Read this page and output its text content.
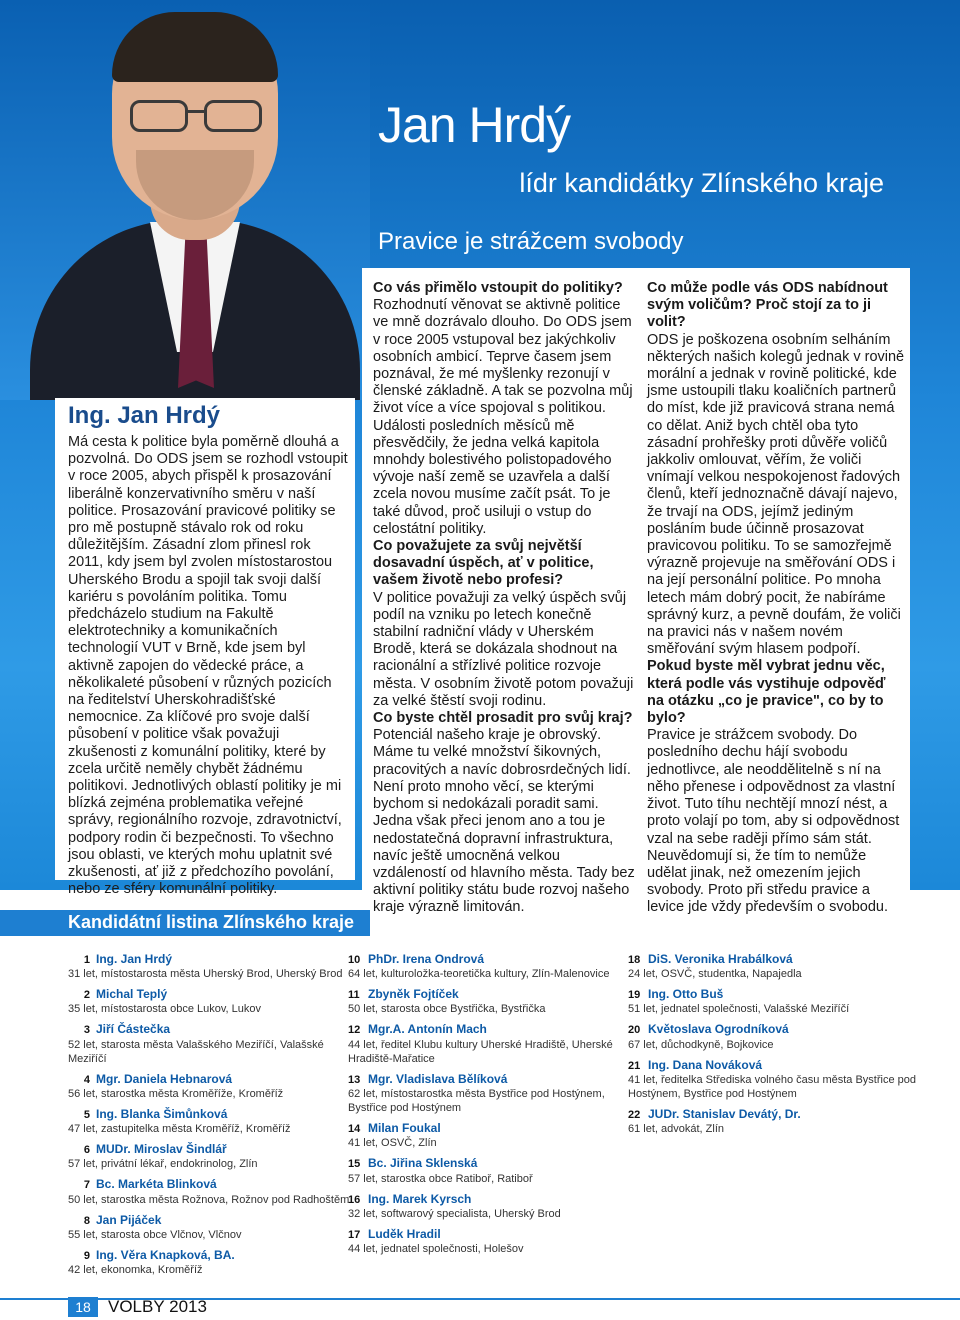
Jan Hrdý
lídr kandidátky Zlínského kraje
Pravice je strážcem svobody
Ing. Jan Hrdý
Má cesta k politice byla poměrně dlouhá a pozvolná. Do ODS jsem se rozhodl vstoupit v roce 2005, abych přispěl k prosazování liberálně konzervativního směru v naší politice. Prosazování pravicové politiky se pro mě postupně stávalo rok od roku důležitějším. Zásadní zlom přinesl rok 2011, kdy jsem byl zvolen místostarostou Uherského Brodu a spojil tak svoji další kariéru s povoláním politika. Tomu předcházelo studium na Fakultě elektrotechniky a komunikačních technologií VUT v Brně, kde jsem byl aktivně zapojen do vědecké práce, a několikaleté působení v různých pozicích na ředitelství Uherskohradišťské nemocnice. Za klíčové pro svoje další působení v politice však považuji zkušenosti z komunální politiky, které by zcela určitě neměly chybět žádnému politikovi. Jednotlivých oblastí politiky je mi blízká zejména problematika veřejné správy, regionálního rozvoje, zdravotnictví, podpory rodin či bezpečnosti. To všechno jsou oblasti, ve kterých mohu uplatnit své zkušenosti, ať již z předchozího povolání, nebo ze sféry komunální politiky.
Co vás přimělo vstoupit do politiky?
Rozhodnutí věnovat se aktivně politice ve mně dozrávalo dlouho. Do ODS jsem v roce 2005 vstupoval bez jakýchkoliv osobních ambicí. Teprve časem jsem poznával, že mé myšlenky rezonují v členské základně. A tak se pozvolna můj život více a více spojoval s politikou. Události posledních měsíců mě přesvědčily, že jedna velká kapitola mnohdy bolestivého polistopadového vývoje naší země se uzavřela a další zcela novou musíme začít psát. To je také důvod, proč usiluji o vstup do celostátní politiky.
Co považujete za svůj největší dosavadní úspěch, ať v politice, vašem životě nebo profesi?
V politice považuji za velký úspěch svůj podíl na vzniku po letech konečně stabilní radniční vlády v Uherském Brodě, která se dokázala shodnout na racionální a střízlivé politice rozvoje města. V osobním životě potom považuji za velké štěstí svoji rodinu.
Co byste chtěl prosadit pro svůj kraj?
Potenciál našeho kraje je obrovský. Máme tu velké množství šikovných, pracovitých a navíc dobrosrdečných lidí. Není proto mnoho věcí, se kterými bychom si nedokázali poradit sami. Jedna však přeci jenom ano a tou je nedostatečná dopravní infrastruktura, navíc ještě umocněná velkou vzdáleností od hlavního města. Tady bez aktivní politiky státu bude rozvoj našeho kraje výrazně limitován.
Co může podle vás ODS nabídnout svým voličům? Proč stojí za to ji volit?
ODS je poškozena osobním selháním některých našich kolegů jednak v rovině morální a jednak v rovině politické, kde jsme ustoupili tlaku koaličních partnerů do míst, kde již pravicová strana nemá co dělat. Aniž bych chtěl oba tyto zásadní prohřešky proti důvěře voličů jakkoliv omlouvat, věřím, že voliči vnímají velkou nespokojenost řadových členů, kteří jednoznačně dávají najevo, že trvají na ODS, jejímž jediným posláním bude účinně prosazovat pravicovou politiku. To se samozřejmě výrazně projevuje na směřování ODS i na její personální politice. Po mnoha letech mám dobrý pocit, že nabíráme správný kurz, a pevně doufám, že voliči na pravici nás v našem novém směřování svým hlasem podpoří.
Pokud byste měl vybrat jednu věc, která podle vás vystihuje odpověď na otázku „co je pravice", co by to bylo?
Pravice je strážcem svobody. Do posledního dechu hájí svobodu jednotlivce, ale neoddělitelně s ní na něho přenese i odpovědnost za vlastní život. Tuto tíhu nechtějí mnozí nést, a proto volají po tom, aby si odpovědnost vzal na sebe raději přímo sám stát. Neuvědomují si, že tím to nemůže udělat jinak, než omezením jejich svobody. Proto při středu pravice a levice jde vždy především o svobodu.
Kandidátní listina Zlínského kraje
1 Ing. Jan Hrdý
31 let, místostarosta města Uherský Brod, Uherský Brod
2 Michal Teplý
35 let, místostarosta obce Lukov, Lukov
3 Jiří Částečka
52 let, starosta města Valašského Meziříčí, Valašské Meziříčí
4 Mgr. Daniela Hebnarová
56 let, starostka města Kroměříže, Kroměříž
5 Ing. Blanka Šimůnková
47 let, zastupitelka města Kroměříž, Kroměříž
6 MUDr. Miroslav Šindlář
57 let, privátní lékař, endokrinolog, Zlín
7 Bc. Markéta Blinková
50 let, starostka města Rožnova, Rožnov pod Radhoštěm
8 Jan Pijáček
55 let, starosta obce Vlčnov, Vlčnov
9 Ing. Věra Knapková, BA.
42 let, ekonomka, Kroměříž
10 PhDr. Irena Ondrová
64 let, kulturoložka-teoretička kultury, Zlín-Malenovice
11 Zbyněk Fojtíček
50 let, starosta obce Bystřička, Bystřička
12 Mgr.A. Antonín Mach
44 let, ředitel Klubu kultury Uherské Hradiště, Uherské Hradiště-Mařatice
13 Mgr. Vladislava Bělíková
62 let, místostarostka města Bystřice pod Hostýnem, Bystřice pod Hostýnem
14 Milan Foukal
41 let, OSVČ, Zlín
15 Bc. Jiřina Sklenská
57 let, starostka obce Ratiboř, Ratiboř
16 Ing. Marek Kyrsch
32 let, softwarový specialista, Uherský Brod
17 Luděk Hradil
44 let, jednatel společnosti, Holešov
18 DiS. Veronika Hrabálková
24 let, OSVČ, studentka, Napajedla
19 Ing. Otto Buš
51 let, jednatel společnosti, Valašské Meziříčí
20 Květoslava Ogrodníková
67 let, důchodkyně, Bojkovice
21 Ing. Dana Nováková
41 let, ředitelka Střediska volného času města Bystřice pod Hostýnem, Bystřice pod Hostýnem
22 JUDr. Stanislav Devátý, Dr.
61 let, advokát, Zlín
18	VOLBY 2013
